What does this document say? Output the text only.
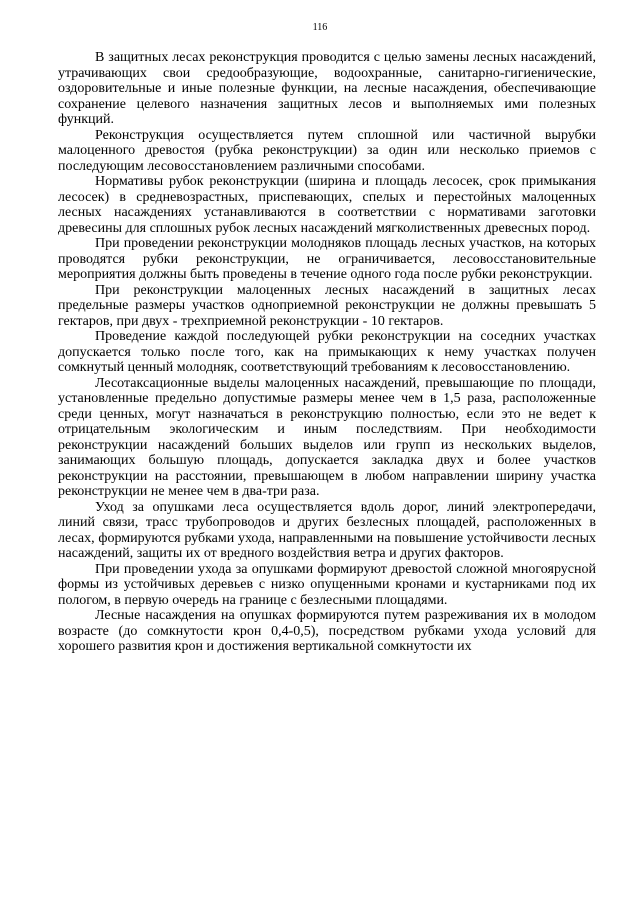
116

В защитных лесах реконструкция проводится с целью замены лесных насаждений, утрачивающих свои средообразующие, водоохранные, санитарно-гигиенические, оздоровительные и иные полезные функции, на лесные насаждения, обеспечивающие сохранение целевого назначения защитных лесов и выполняемых ими полезных функций.

Реконструкция осуществляется путем сплошной или частичной вырубки малоценного древостоя (рубка реконструкции) за один или несколько приемов с последующим лесовосстановлением различными способами.

Нормативы рубок реконструкции (ширина и площадь лесосек, срок примыкания лесосек) в средневозрастных, приспевающих, спелых и перестойных малоценных лесных насаждениях устанавливаются в соответствии с нормативами заготовки древесины для сплошных рубок лесных насаждений мягколиственных древесных пород.

При проведении реконструкции молодняков площадь лесных участков, на которых проводятся рубки реконструкции, не ограничивается, лесовосстановительные мероприятия должны быть проведены в течение одного года после рубки реконструкции.

При реконструкции малоценных лесных насаждений в защитных лесах предельные размеры участков одноприемной реконструкции не должны превышать 5 гектаров, при двух - трехприемной реконструкции - 10 гектаров.

Проведение каждой последующей рубки реконструкции на соседних участках допускается только после того, как на примыкающих к нему участках получен сомкнутый ценный молодняк, соответствующий требованиям к лесовосстановлению.

Лесотаксационные выделы малоценных насаждений, превышающие по площади, установленные предельно допустимые размеры менее чем в 1,5 раза, расположенные среди ценных, могут назначаться в реконструкцию полностью, если это не ведет к отрицательным экологическим и иным последствиям. При необходимости реконструкции насаждений больших выделов или групп из нескольких выделов, занимающих большую площадь, допускается закладка двух и более участков реконструкции на расстоянии, превышающем в любом направлении ширину участка реконструкции не менее чем в два-три раза.

Уход за опушками леса осуществляется вдоль дорог, линий электропередачи, линий связи, трасс трубопроводов и других безлесных площадей, расположенных в лесах, формируются рубками ухода, направленными на повышение устойчивости лесных насаждений, защиты их от вредного воздействия ветра и других факторов.

При проведении ухода за опушками формируют древостой сложной многоярусной формы из устойчивых деревьев с низко опущенными кронами и кустарниками под их пологом, в первую очередь на границе с безлесными площадями.

Лесные насаждения на опушках формируются путем разреживания их в молодом возрасте (до сомкнутости крон 0,4-0,5), посредством рубками ухода условий для хорошего развития крон и достижения вертикальной сомкнутости их
